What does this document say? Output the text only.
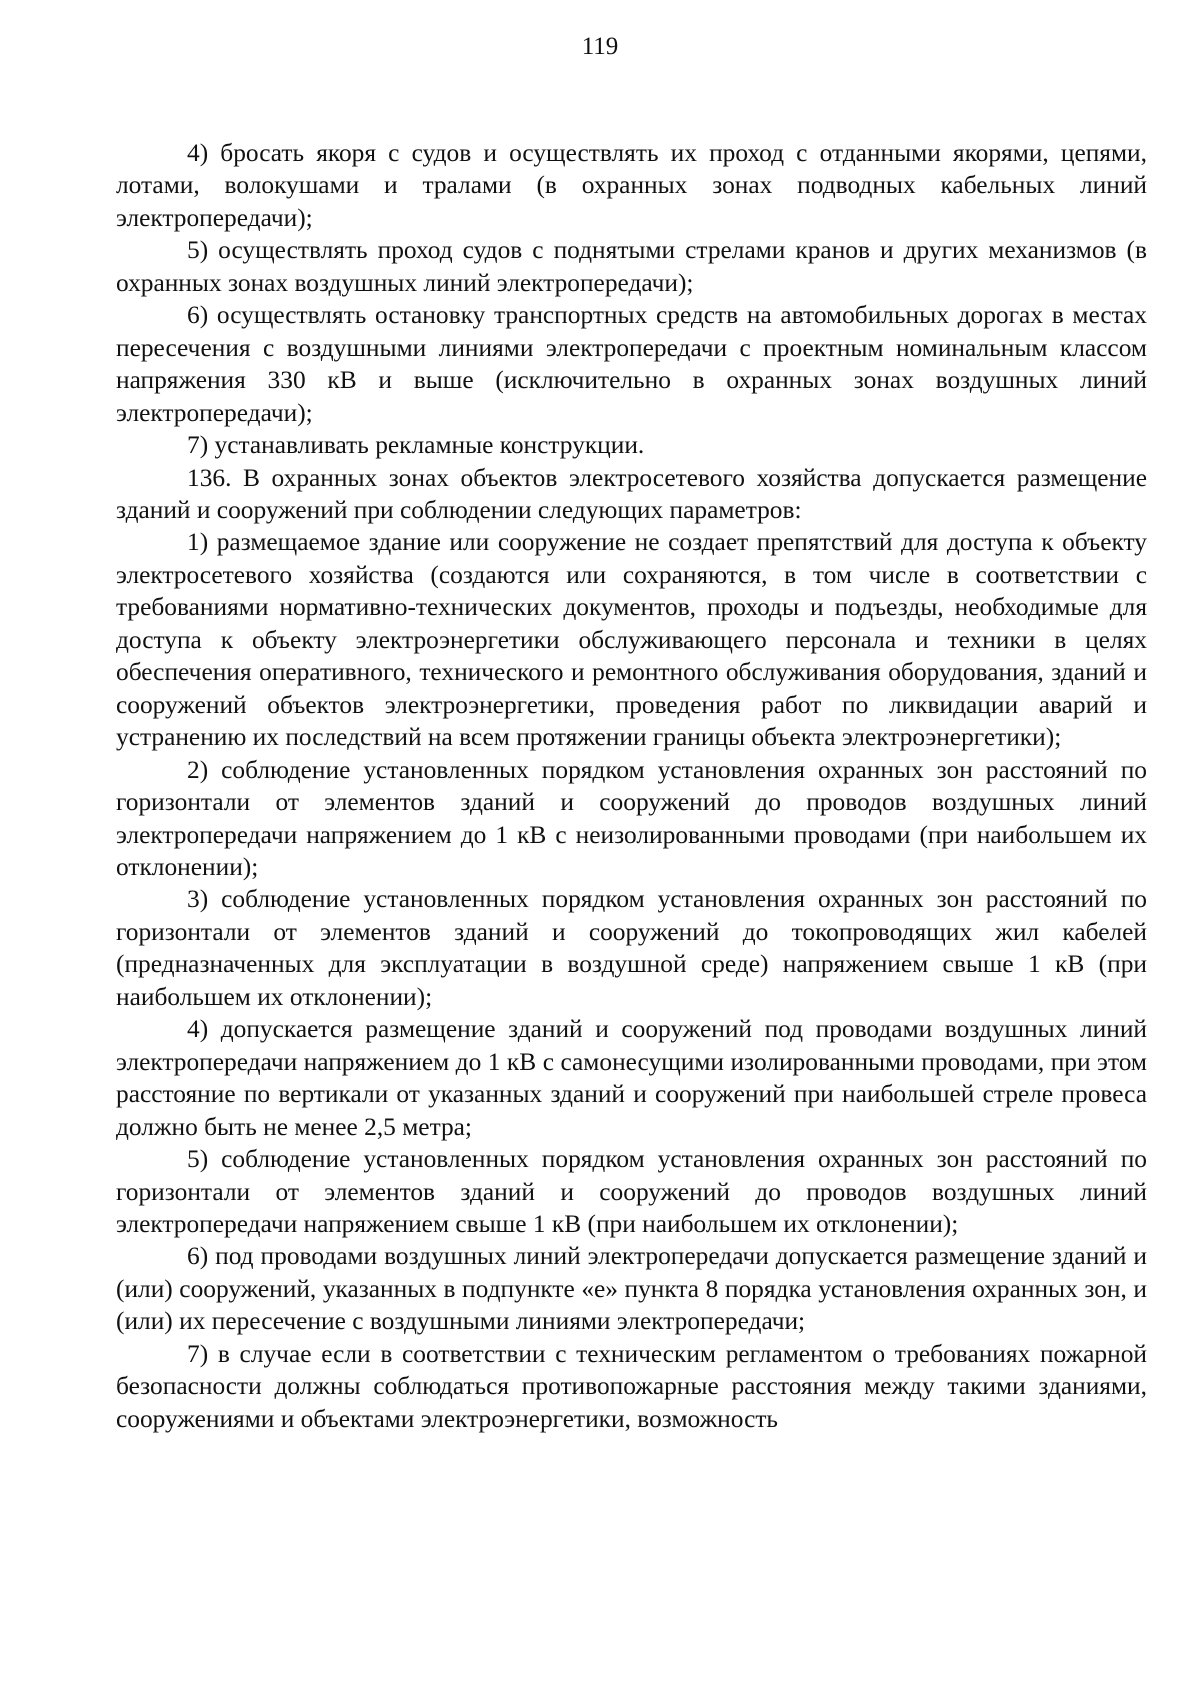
119

4) бросать якоря с судов и осуществлять их проход с отданными якорями, цепями, лотами, волокушами и тралами (в охранных зонах подводных кабельных линий электропередачи);

5) осуществлять проход судов с поднятыми стрелами кранов и других механизмов (в охранных зонах воздушных линий электропередачи);

6) осуществлять остановку транспортных средств на автомобильных дорогах в местах пересечения с воздушными линиями электропередачи с проектным номинальным классом напряжения 330 кВ и выше (исключительно в охранных зонах воздушных линий электропередачи);

7) устанавливать рекламные конструкции.

136. В охранных зонах объектов электросетевого хозяйства допускается размещение зданий и сооружений при соблюдении следующих параметров:

1) размещаемое здание или сооружение не создает препятствий для доступа к объекту электросетевого хозяйства (создаются или сохраняются, в том числе в соответствии с требованиями нормативно-технических документов, проходы и подъезды, необходимые для доступа к объекту электроэнергетики обслуживающего персонала и техники в целях обеспечения оперативного, технического и ремонтного обслуживания оборудования, зданий и сооружений объектов электроэнергетики, проведения работ по ликвидации аварий и устранению их последствий на всем протяжении границы объекта электроэнергетики);

2) соблюдение установленных порядком установления охранных зон расстояний по горизонтали от элементов зданий и сооружений до проводов воздушных линий электропередачи напряжением до 1 кВ с неизолированными проводами (при наибольшем их отклонении);

3) соблюдение установленных порядком установления охранных зон расстояний по горизонтали от элементов зданий и сооружений до токопроводящих жил кабелей (предназначенных для эксплуатации в воздушной среде) напряжением свыше 1 кВ (при наибольшем их отклонении);

4) допускается размещение зданий и сооружений под проводами воздушных линий электропередачи напряжением до 1 кВ с самонесущими изолированными проводами, при этом расстояние по вертикали от указанных зданий и сооружений при наибольшей стреле провеса должно быть не менее 2,5 метра;

5) соблюдение установленных порядком установления охранных зон расстояний по горизонтали от элементов зданий и сооружений до проводов воздушных линий электропередачи напряжением свыше 1 кВ (при наибольшем их отклонении);

6) под проводами воздушных линий электропередачи допускается размещение зданий и (или) сооружений, указанных в подпункте «е» пункта 8 порядка установления охранных зон, и (или) их пересечение с воздушными линиями электропередачи;

7) в случае если в соответствии с техническим регламентом о требованиях пожарной безопасности должны соблюдаться противопожарные расстояния между такими зданиями, сооружениями и объектами электроэнергетики, возможность
